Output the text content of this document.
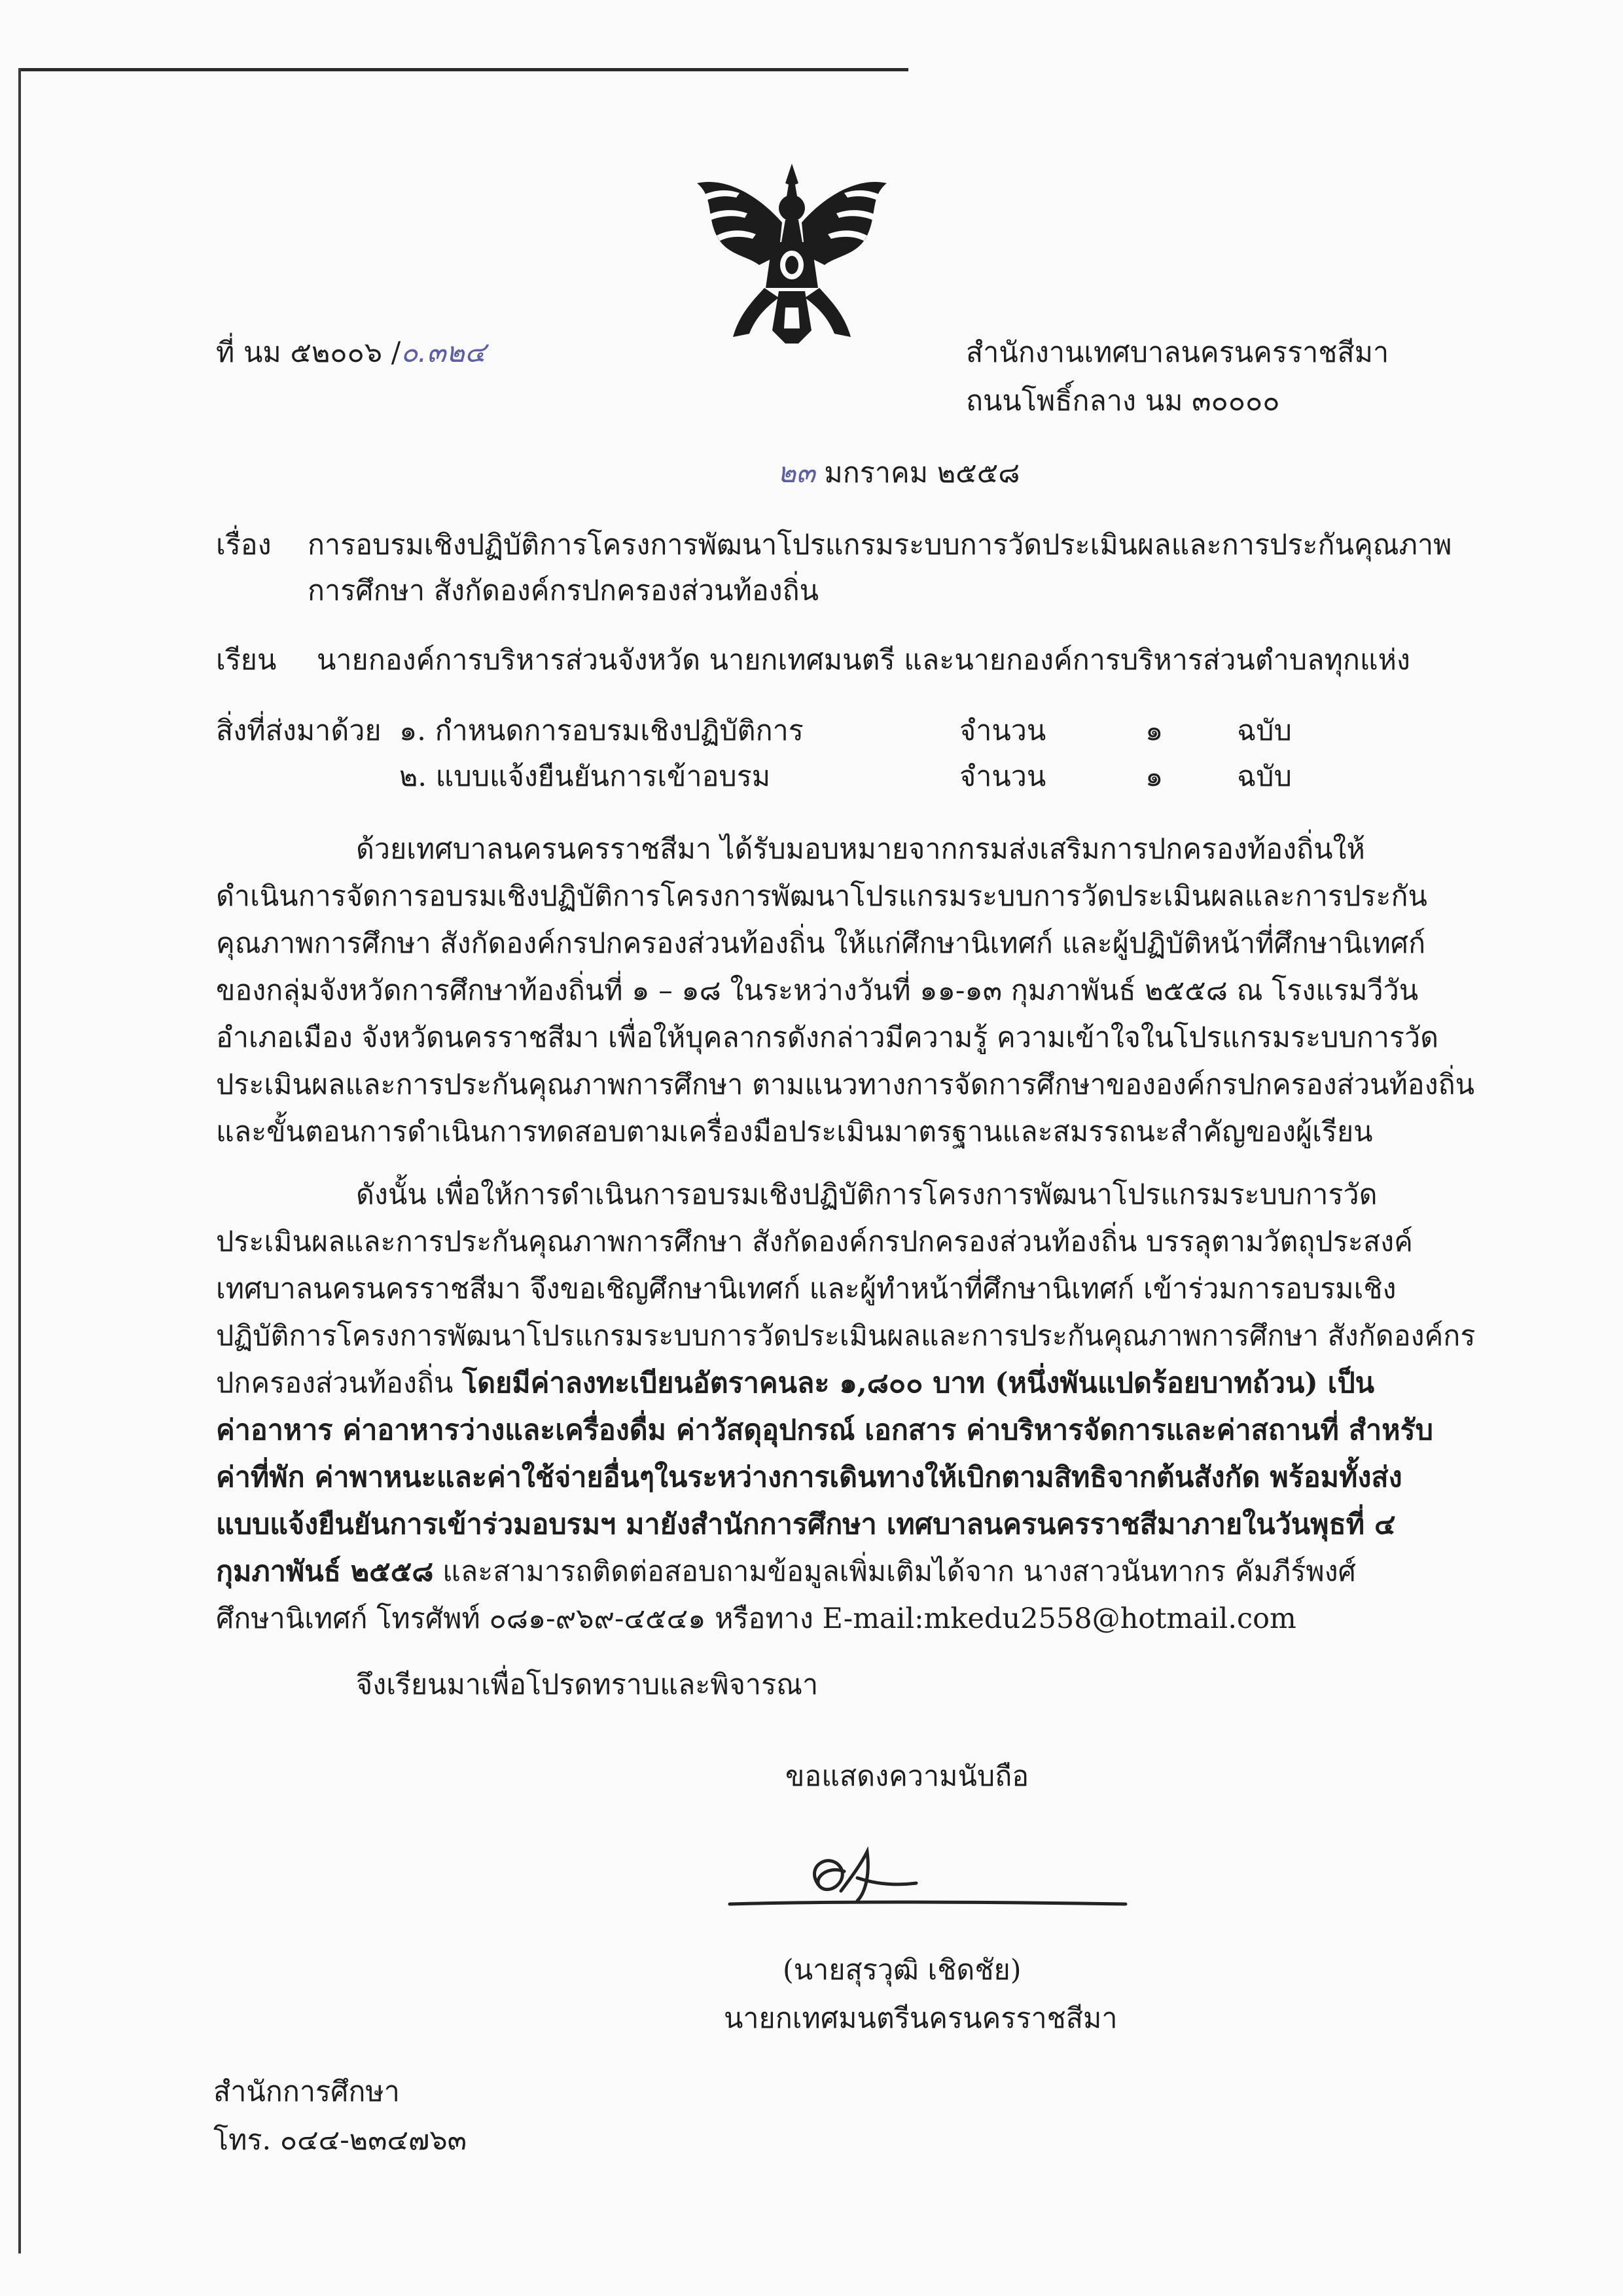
ที่ นม ๕๒๐๐๖ /๐.๓๒๔	สำนักงานเทศบาลนครนครราชสีมา
ถนนโพธิ์กลาง นม ๓๐๐๐๐
๒๓ มกราคม ๒๕๕๘
เรื่อง การอบรมเชิงปฏิบัติการโครงการพัฒนาโปรแกรมระบบการวัดประเมินผลและการประกันคุณภาพ
การศึกษา สังกัดองค์กรปกครองส่วนท้องถิ่น
เรียน นายกองค์การบริหารส่วนจังหวัด นายกเทศมนตรี และนายกองค์การบริหารส่วนตำบลทุกแห่ง
สิ่งที่ส่งมาด้วย ๑. กำหนดการอบรมเชิงปฏิบัติการ	จำนวน	๑	ฉบับ
๒. แบบแจ้งยืนยันการเข้าอบรม	จำนวน	๑	ฉบับ
ด้วยเทศบาลนครนครราชสีมา ได้รับมอบหมายจากกรมส่งเสริมการปกครองท้องถิ่นให้
ดำเนินการจัดการอบรมเชิงปฏิบัติการโครงการพัฒนาโปรแกรมระบบการวัดประเมินผลและการประกัน
คุณภาพการศึกษา สังกัดองค์กรปกครองส่วนท้องถิ่น ให้แก่ศึกษานิเทศก์ และผู้ปฏิบัติหน้าที่ศึกษานิเทศก์
ของกลุ่มจังหวัดการศึกษาท้องถิ่นที่ ๑ – ๑๘ ในระหว่างวันที่ ๑๑-๑๓ กุมภาพันธ์ ๒๕๕๘ ณ โรงแรมวีวัน
อำเภอเมือง จังหวัดนครราชสีมา เพื่อให้บุคลากรดังกล่าวมีความรู้ ความเข้าใจในโปรแกรมระบบการวัด
ประเมินผลและการประกันคุณภาพการศึกษา ตามแนวทางการจัดการศึกษาขององค์กรปกครองส่วนท้องถิ่น
และขั้นตอนการดำเนินการทดสอบตามเครื่องมือประเมินมาตรฐานและสมรรถนะสำคัญของผู้เรียน
ดังนั้น เพื่อให้การดำเนินการอบรมเชิงปฏิบัติการโครงการพัฒนาโปรแกรมระบบการวัด
ประเมินผลและการประกันคุณภาพการศึกษา สังกัดองค์กรปกครองส่วนท้องถิ่น บรรลุตามวัตถุประสงค์
เทศบาลนครนครราชสีมา จึงขอเชิญศึกษานิเทศก์ และผู้ทำหน้าที่ศึกษานิเทศก์ เข้าร่วมการอบรมเชิง
ปฏิบัติการโครงการพัฒนาโปรแกรมระบบการวัดประเมินผลและการประกันคุณภาพการศึกษา สังกัดองค์กร
ปกครองส่วนท้องถิ่น โดยมีค่าลงทะเบียนอัตราคนละ ๑,๘๐๐ บาท (หนึ่งพันแปดร้อยบาทถ้วน) เป็น
ค่าอาหาร ค่าอาหารว่างและเครื่องดื่ม ค่าวัสดุอุปกรณ์ เอกสาร ค่าบริหารจัดการและค่าสถานที่ สำหรับ
ค่าที่พัก ค่าพาหนะและค่าใช้จ่ายอื่นๆในระหว่างการเดินทางให้เบิกตามสิทธิจากต้นสังกัด พร้อมทั้งส่ง
แบบแจ้งยืนยันการเข้าร่วมอบรมฯ มายังสำนักการศึกษา เทศบาลนครนครราชสีมาภายในวันพุธที่ ๔
กุมภาพันธ์ ๒๕๕๘ และสามารถติดต่อสอบถามข้อมูลเพิ่มเติมได้จาก นางสาวนันทากร คัมภีร์พงศ์
ศึกษานิเทศก์ โทรศัพท์ ๐๘๑-๙๖๙-๔๕๔๑ หรือทาง E-mail:mkedu2558@hotmail.com
จึงเรียนมาเพื่อโปรดทราบและพิจารณา
ขอแสดงความนับถือ
(นายสุรวุฒิ เชิดชัย)
นายกเทศมนตรีนครนครราชสีมา
สำนักการศึกษา
โทร. ๐๔๔-๒๓๔๗๖๓
